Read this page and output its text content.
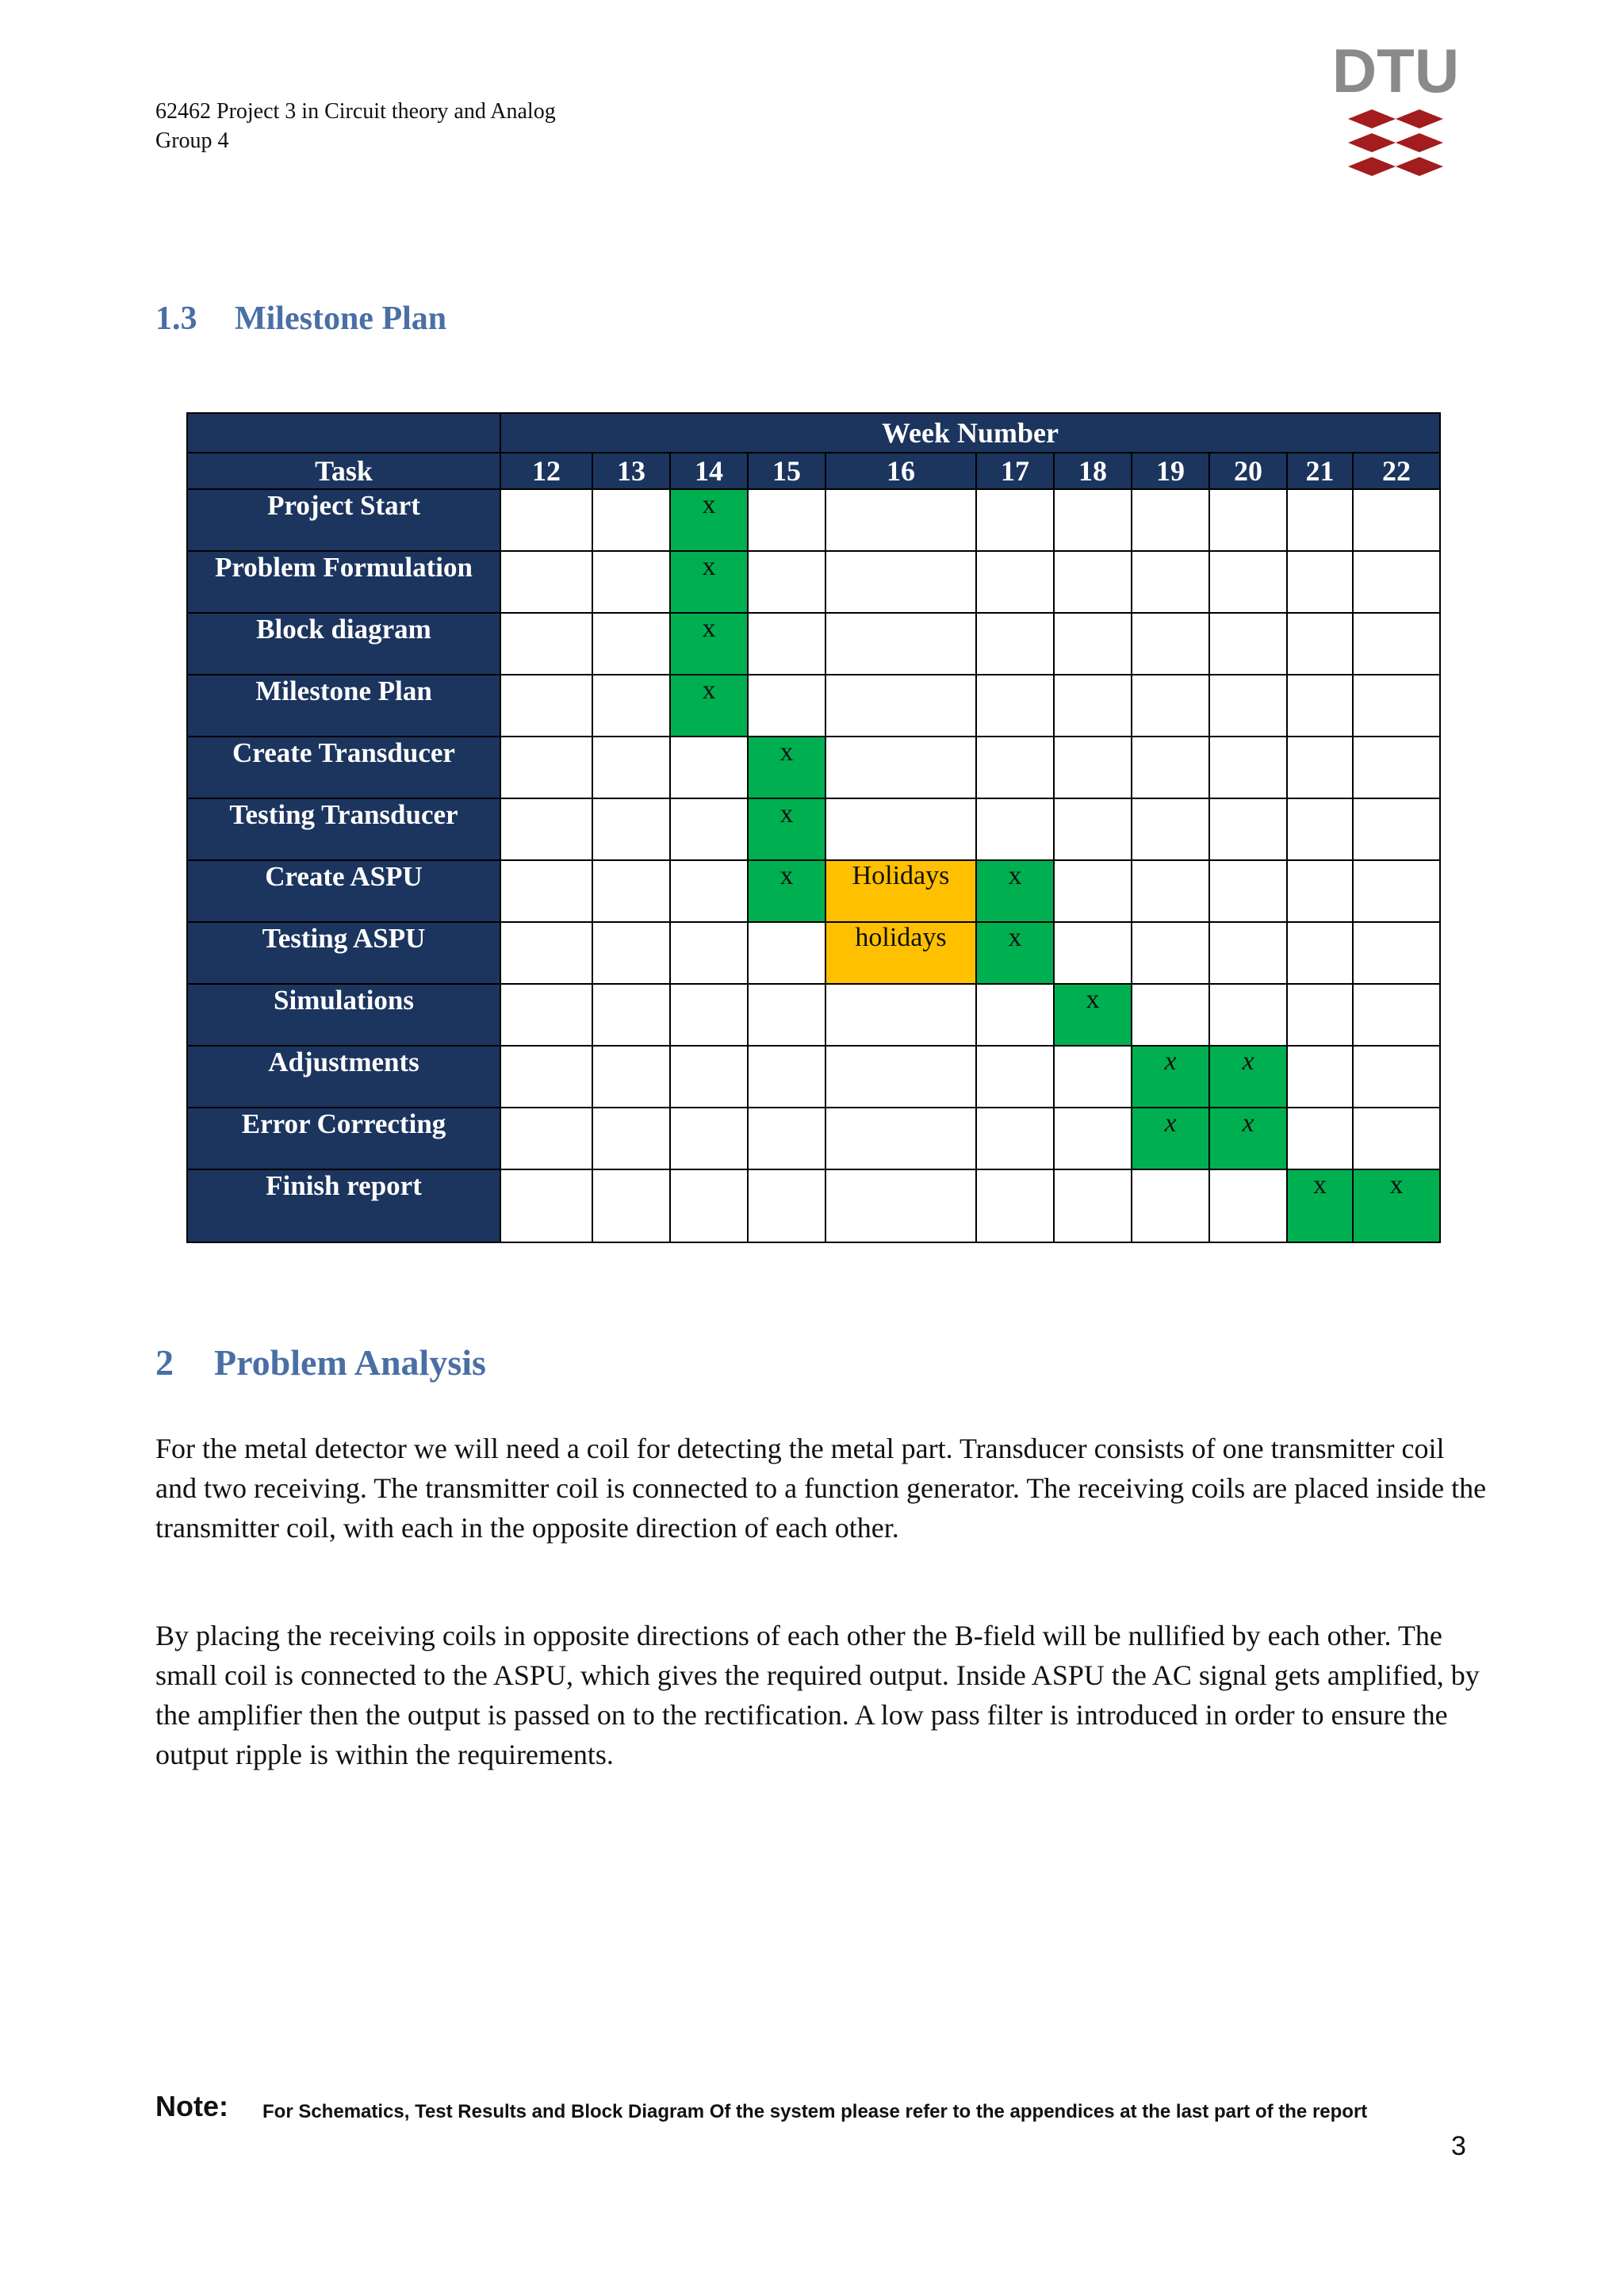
62462 Project 3 in Circuit theory and Analog
Group 4
DTU
1.3 Milestone Plan
	Week Number										
Task	12	13	14	15	16	17	18	19	20	21	22
Project Start			x								
Problem Formulation			x								
Block diagram			x								
Milestone Plan			x								
Create Transducer				x							
Testing Transducer				x							
Create ASPU				x	Holidays	x					
Testing ASPU					holidays	x					
Simulations							x				
Adjustments								x	x		
Error Correcting								x	x		
Finish report										x	x
2 Problem Analysis

For the metal detector we will need a coil for detecting the metal part. Transducer consists of one transmitter coil and two receiving. The transmitter coil is connected to a function generator. The receiving coils are placed inside the transmitter coil, with each in the opposite direction of each other.

By placing the receiving coils in opposite directions of each other the B-field will be nullified by each other. The small coil is connected to the ASPU, which gives the required output. Inside ASPU the AC signal gets amplified, by the amplifier then the output is passed on to the rectification. A low pass filter is introduced in order to ensure the output ripple is within the requirements.

Note: For Schematics, Test Results and Block Diagram Of the system please refer to the appendices at the last part of the report
3
